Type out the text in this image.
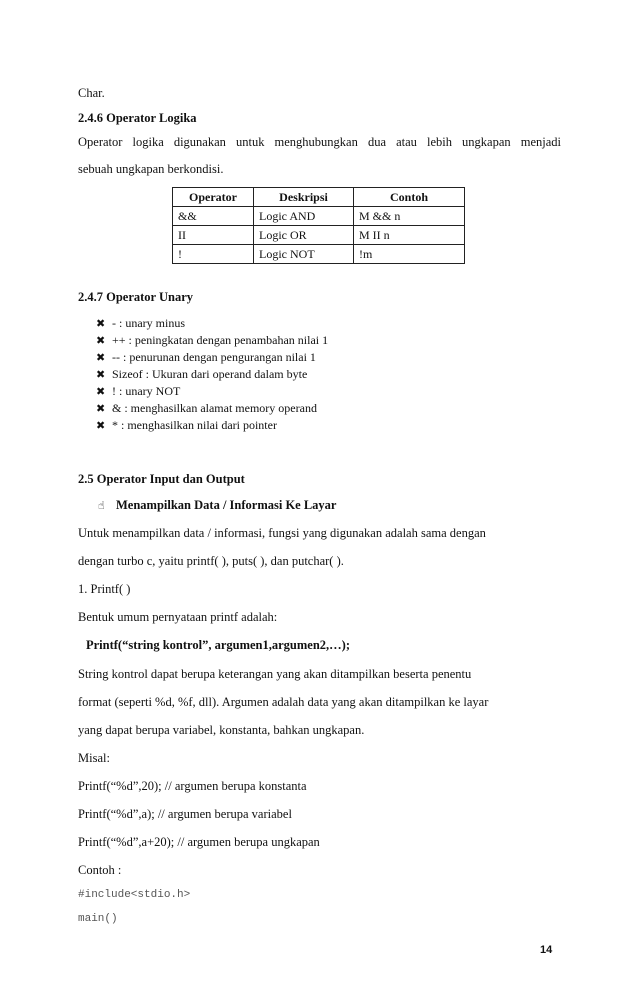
Char.
2.4.6 Operator Logika
Operator logika digunakan untuk menghubungkan dua atau lebih ungkapan menjadi
sebuah ungkapan berkondisi.
Operator	Deskripsi	Contoh
&&	Logic AND	M && n
II	Logic OR	M II n
!	Logic NOT	!m
2.4.7 Operator Unary
✖ - : unary minus
✖ ++ : peningkatan dengan penambahan nilai 1
✖ -- : penurunan dengan pengurangan nilai 1
✖ Sizeof : Ukuran dari operand dalam byte
✖ ! : unary NOT
✖ & : menghasilkan alamat memory operand
✖ * : menghasilkan nilai dari pointer
2.5 Operator Input dan Output
☝ Menampilkan Data / Informasi Ke Layar
Untuk menampilkan data / informasi, fungsi yang digunakan adalah sama dengan
dengan turbo c, yaitu printf( ), puts( ), dan putchar( ).
1. Printf( )
Bentuk umum pernyataan printf adalah:
Printf(“string kontrol”, argumen1,argumen2,…);
String kontrol dapat berupa keterangan yang akan ditampilkan beserta penentu
format (seperti %d, %f, dll). Argumen adalah data yang akan ditampilkan ke layar
yang dapat berupa variabel, konstanta, bahkan ungkapan.
Misal:
Printf(“%d”,20); // argumen berupa konstanta
Printf(“%d”,a); // argumen berupa variabel
Printf(“%d”,a+20); // argumen berupa ungkapan
Contoh :
#include<stdio.h>
main()
14
